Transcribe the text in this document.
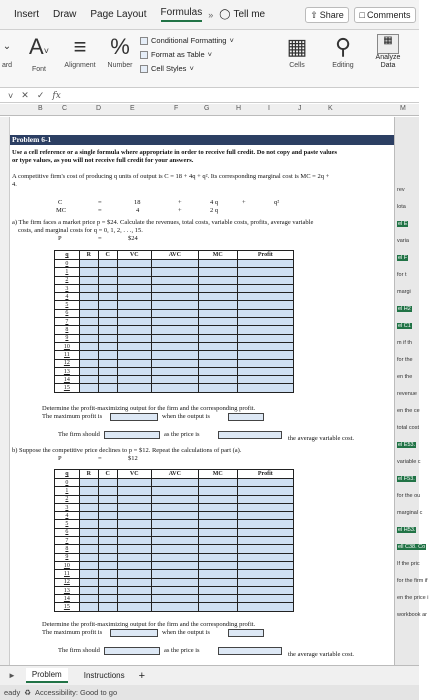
Insert Draw Page Layout Formulas » ◯ Tell me	⇧ Share □ Comments
⌄
ard
A˅
Font
≡
Alignment
%
Number
Conditional Formatting ˅
Format as Table ˅
Cell Styles ˅
▦
Cells
⚲
Editing
▦
Analyze
Data
˅ ✕ ✓ fx
B	C	D	E	F	G	H	I	J	K	M
Problem 6-1
Use a cell reference or a single formula where appropriate in order to receive full credit. Do not copy and paste values
or type values, as you will not receive full credit for your answers.
A competitive firm's cost of producing q units of output is C = 18 + 4q + q². Its corresponding marginal cost is MC = 2q +
4.
C	=	18	+	4 q	+	q²
MC	=	4	+	2 q
a) The firm faces a market price p = $24. Calculate the revenues, total costs, variable costs, profits, average variable
costs, and marginal costs for q = 0, 1, 2, . . ., 15.
P	=	$24
q	R	C	VC	AVC	MC	Profit
0						
1						
2						
3						
4						
5						
6						
7						
8						
9						
10						
11						
12						
13						
14						
15						
Determine the profit-maximizing output for the firm and the corresponding profit.
The maximum profit is	when the output is
The firm should	as the price is
the average variable cost.
b) Suppose the competitive price declines to p = $12. Repeat the calculations of part (a).
P	=	$12
q	R	C	VC	AVC	MC	Profit
0						
1						
2						
3						
4						
5						
6						
7						
8						
9						
10						
11						
12						
13						
14						
15						
Determine the profit-maximizing output for the firm and the corresponding profit.
The maximum profit is	when the output is
The firm should	as the price is
the average variable cost.
rev
lota
el E
varia
el F
for t
margi
el H2
el C1
m if th
for the
en the
revenue
en the ce
total cost
el E53.
variable c
el F53.
for the ou
marginal c
el H53.
ell C38. Co
If the pric
for the firm if
en the price i
workbook ar
►	Problem	Instructions	+
eady ♻ Accessibility: Good to go
